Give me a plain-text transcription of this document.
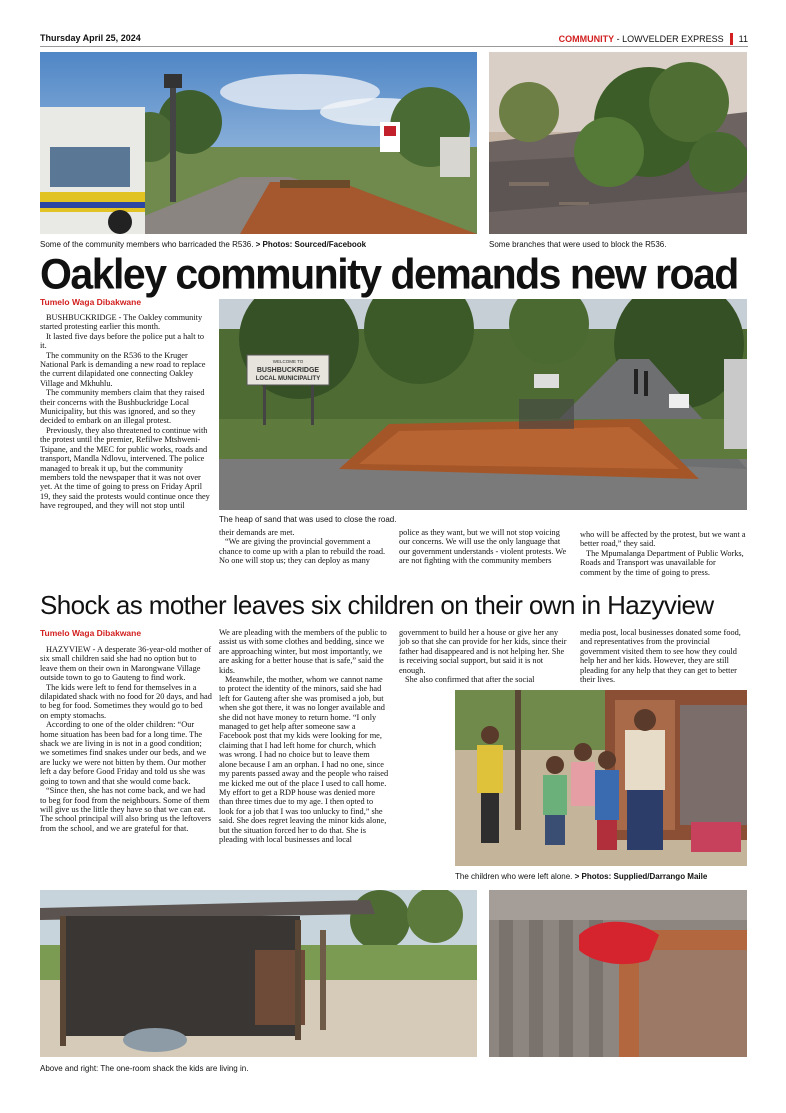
Thursday April 25, 2024	COMMUNITY - LOWVELDER EXPRESS 11
Some of the community members who barricaded the R536. > Photos: Sourced/Facebook	Some branches that were used to block the R536.
Oakley community demands new road
Tumelo Waga Dibakwane

BUSHBUCKRIDGE - The Oakley community started protesting earlier this month.

It lasted five days before the police put a halt to it.

The community on the R536 to the Kruger National Park is demanding a new road to replace the current dilapidated one connecting Oakley Village and Mkhuhlu.

The community members claim that they raised their concerns with the Bushbuckridge Local Municipality, but this was ignored, and so they decided to embark on an illegal protest.

Previously, they also threatened to continue with the protest until the premier, Refilwe Mtshweni-Tsipane, and the MEC for public works, roads and transport, Mandla Ndlovu, intervened. The police managed to break it up, but the community members told the newspaper that it was not over yet. At the time of going to press on Friday April 19, they said the protests would continue once they have regrouped, and they will not stop until

WELCOME TO
BUSHBUCKRIDGE
LOCAL MUNICIPALITY
The heap of sand that was used to close the road.

their demands are met.

“We are giving the provincial government a chance to come up with a plan to rebuild the road. No one will stop us; they can deploy as many

police as they want, but we will not stop voicing our concerns. We will use the only language that our government understands - violent protests. We are not fighting with the community members

who will be affected by the protest, but we want a better road,” they said.

The Mpumalanga Department of Public Works, Roads and Transport was unavailable for comment by the time of going to press.

Shock as mother leaves six children on their own in Hazyview
Tumelo Waga Dibakwane

HAZYVIEW - A desperate 36-year-old mother of six small children said she had no option but to leave them on their own in Marongwane Village outside town to go to Gauteng to find work.

The kids were left to fend for themselves in a dilapidated shack with no food for 20 days, and had to beg for food. Sometimes they would go to bed on empty stomachs.

According to one of the older children: “Our home situation has been bad for a long time. The shack we are living in is not in a good condition; we sometimes find snakes under our beds, and we are lucky we were not bitten by them. Our mother left a day before Good Friday and told us she was going to town and that she would come back.

“Since then, she has not come back, and we had to beg for food from the neighbours. Some of them will give us the little they have so that we can eat. The school principal will also bring us the leftovers from the school, and we are grateful for that.

We are pleading with the members of the public to assist us with some clothes and bedding, since we are approaching winter, but most importantly, we are asking for a better house that is safe,” said the kids.

Meanwhile, the mother, whom we cannot name to protect the identity of the minors, said she had left for Gauteng after she was promised a job, but when she got there, it was no longer available and she did not have money to return home. “I only managed to get help after someone saw a Facebook post that my kids were looking for me, claiming that I had left home for church, which was wrong. I had no choice but to leave them alone because I am an orphan. I had no one, since my parents passed away and the people who raised me kicked me out of the place I used to call home. My effort to get a RDP house was denied more than three times due to my age. I then opted to look for a job that I was too unlucky to find,” she said. She does regret leaving the minor kids alone, but the situation forced her to do that. She is pleading with local businesses and local

government to build her a house or give her any job so that she can provide for her kids, since their father had disappeared and is not helping her. She is receiving social support, but said it is not enough.

She also confirmed that after the social

media post, local businesses donated some food, and representatives from the provincial government visited them to see how they could help her and her kids. However, they are still pleading for any help that they can get to better their lives.

The children who were left alone. > Photos: Supplied/Darrango Maile
Above and right: The one-room shack the kids are living in.
